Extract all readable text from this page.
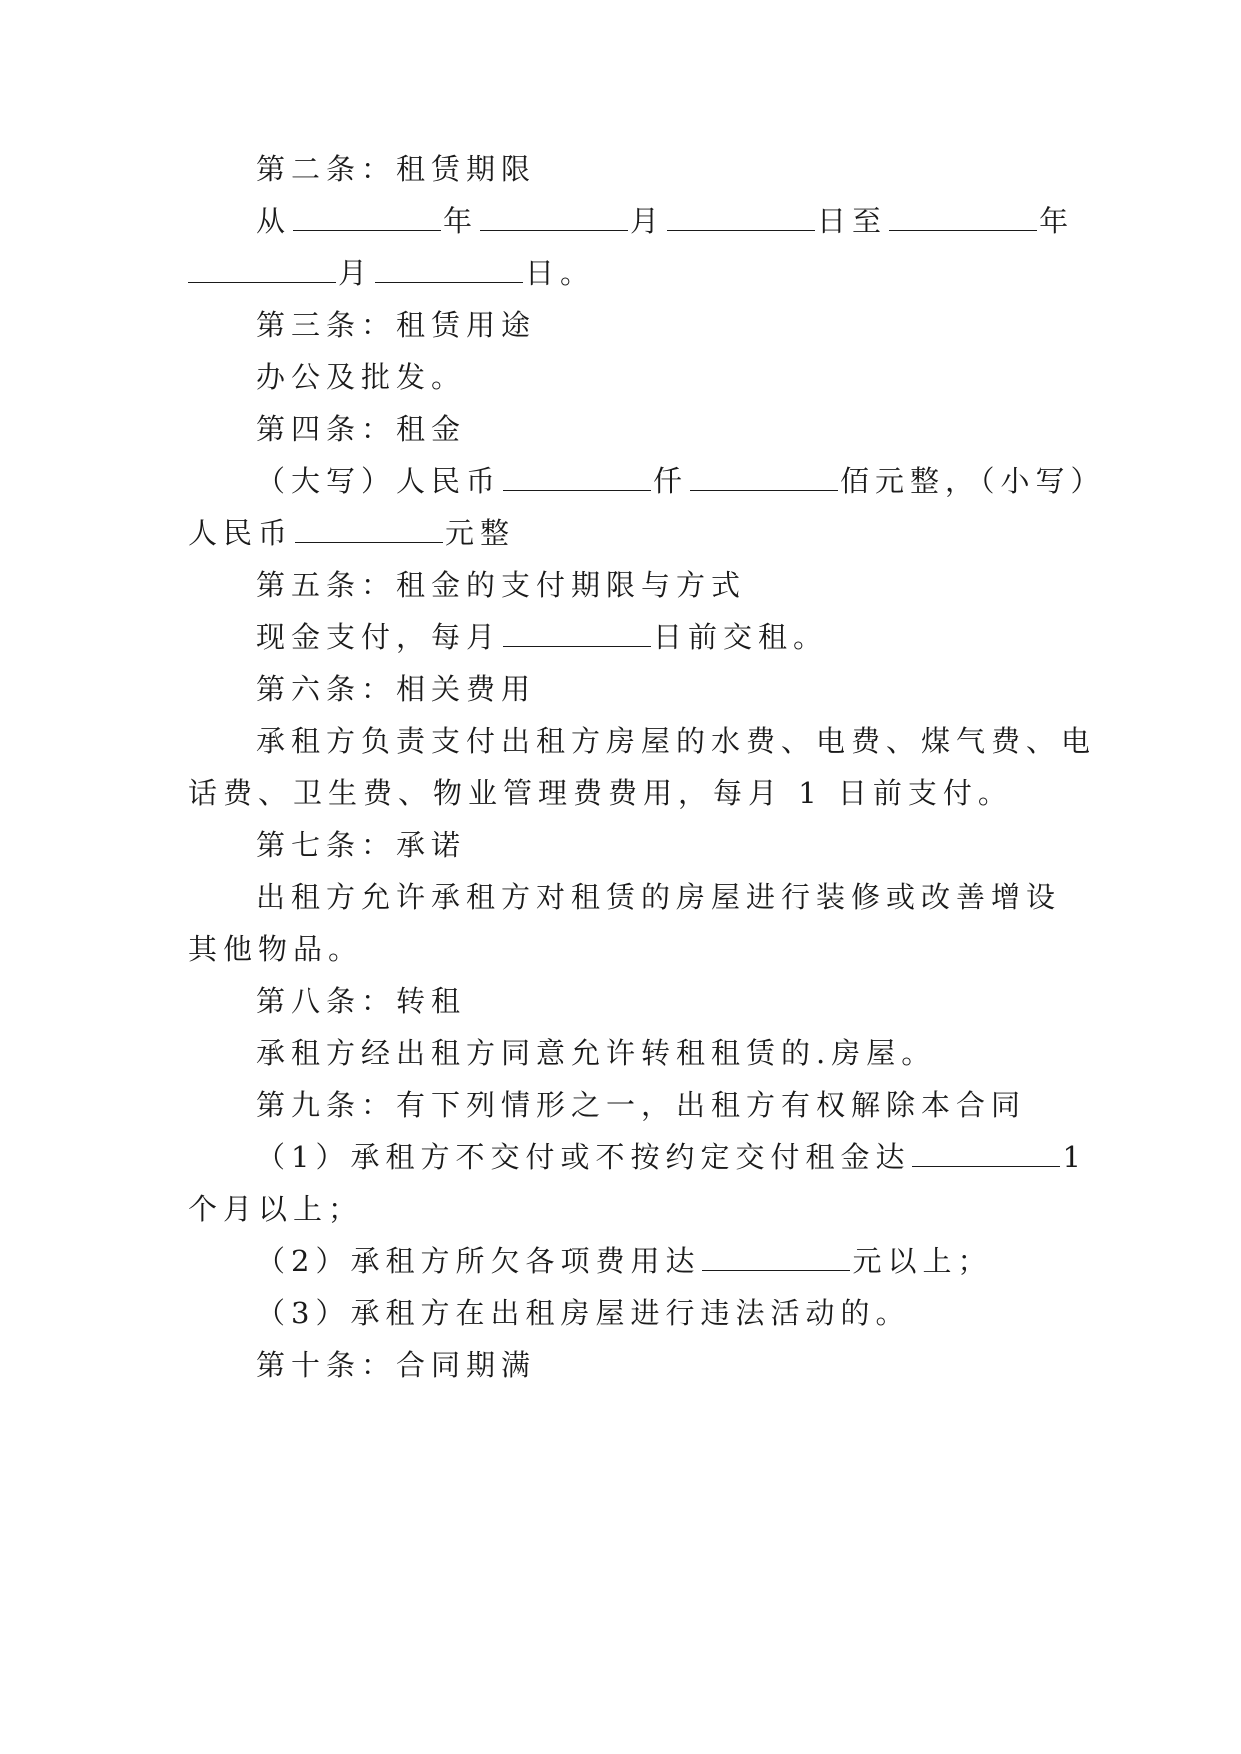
第二条：租赁期限
从	年	月	日至	年
月	日。
第三条：租赁用途
办公及批发。
第四条：租金
（大写）人民币	仟	佰元整，（小写）
人民币	元整
第五条：租金的支付期限与方式
现金支付，每月	日前交租。
第六条：相关费用
承租方负责支付出租方房屋的水费、电费、煤气费、电
话费、卫生费、物业管理费费用，每月 1 日前支付。
第七条：承诺
出租方允许承租方对租赁的房屋进行装修或改善增设
其他物品。
第八条：转租
承租方经出租方同意允许转租租赁的.房屋。
第九条：有下列情形之一，出租方有权解除本合同
（1）承租方不交付或不按约定交付租金达	1
个月以上；
（2）承租方所欠各项费用达	元以上；
（3）承租方在出租房屋进行违法活动的。
第十条：合同期满
